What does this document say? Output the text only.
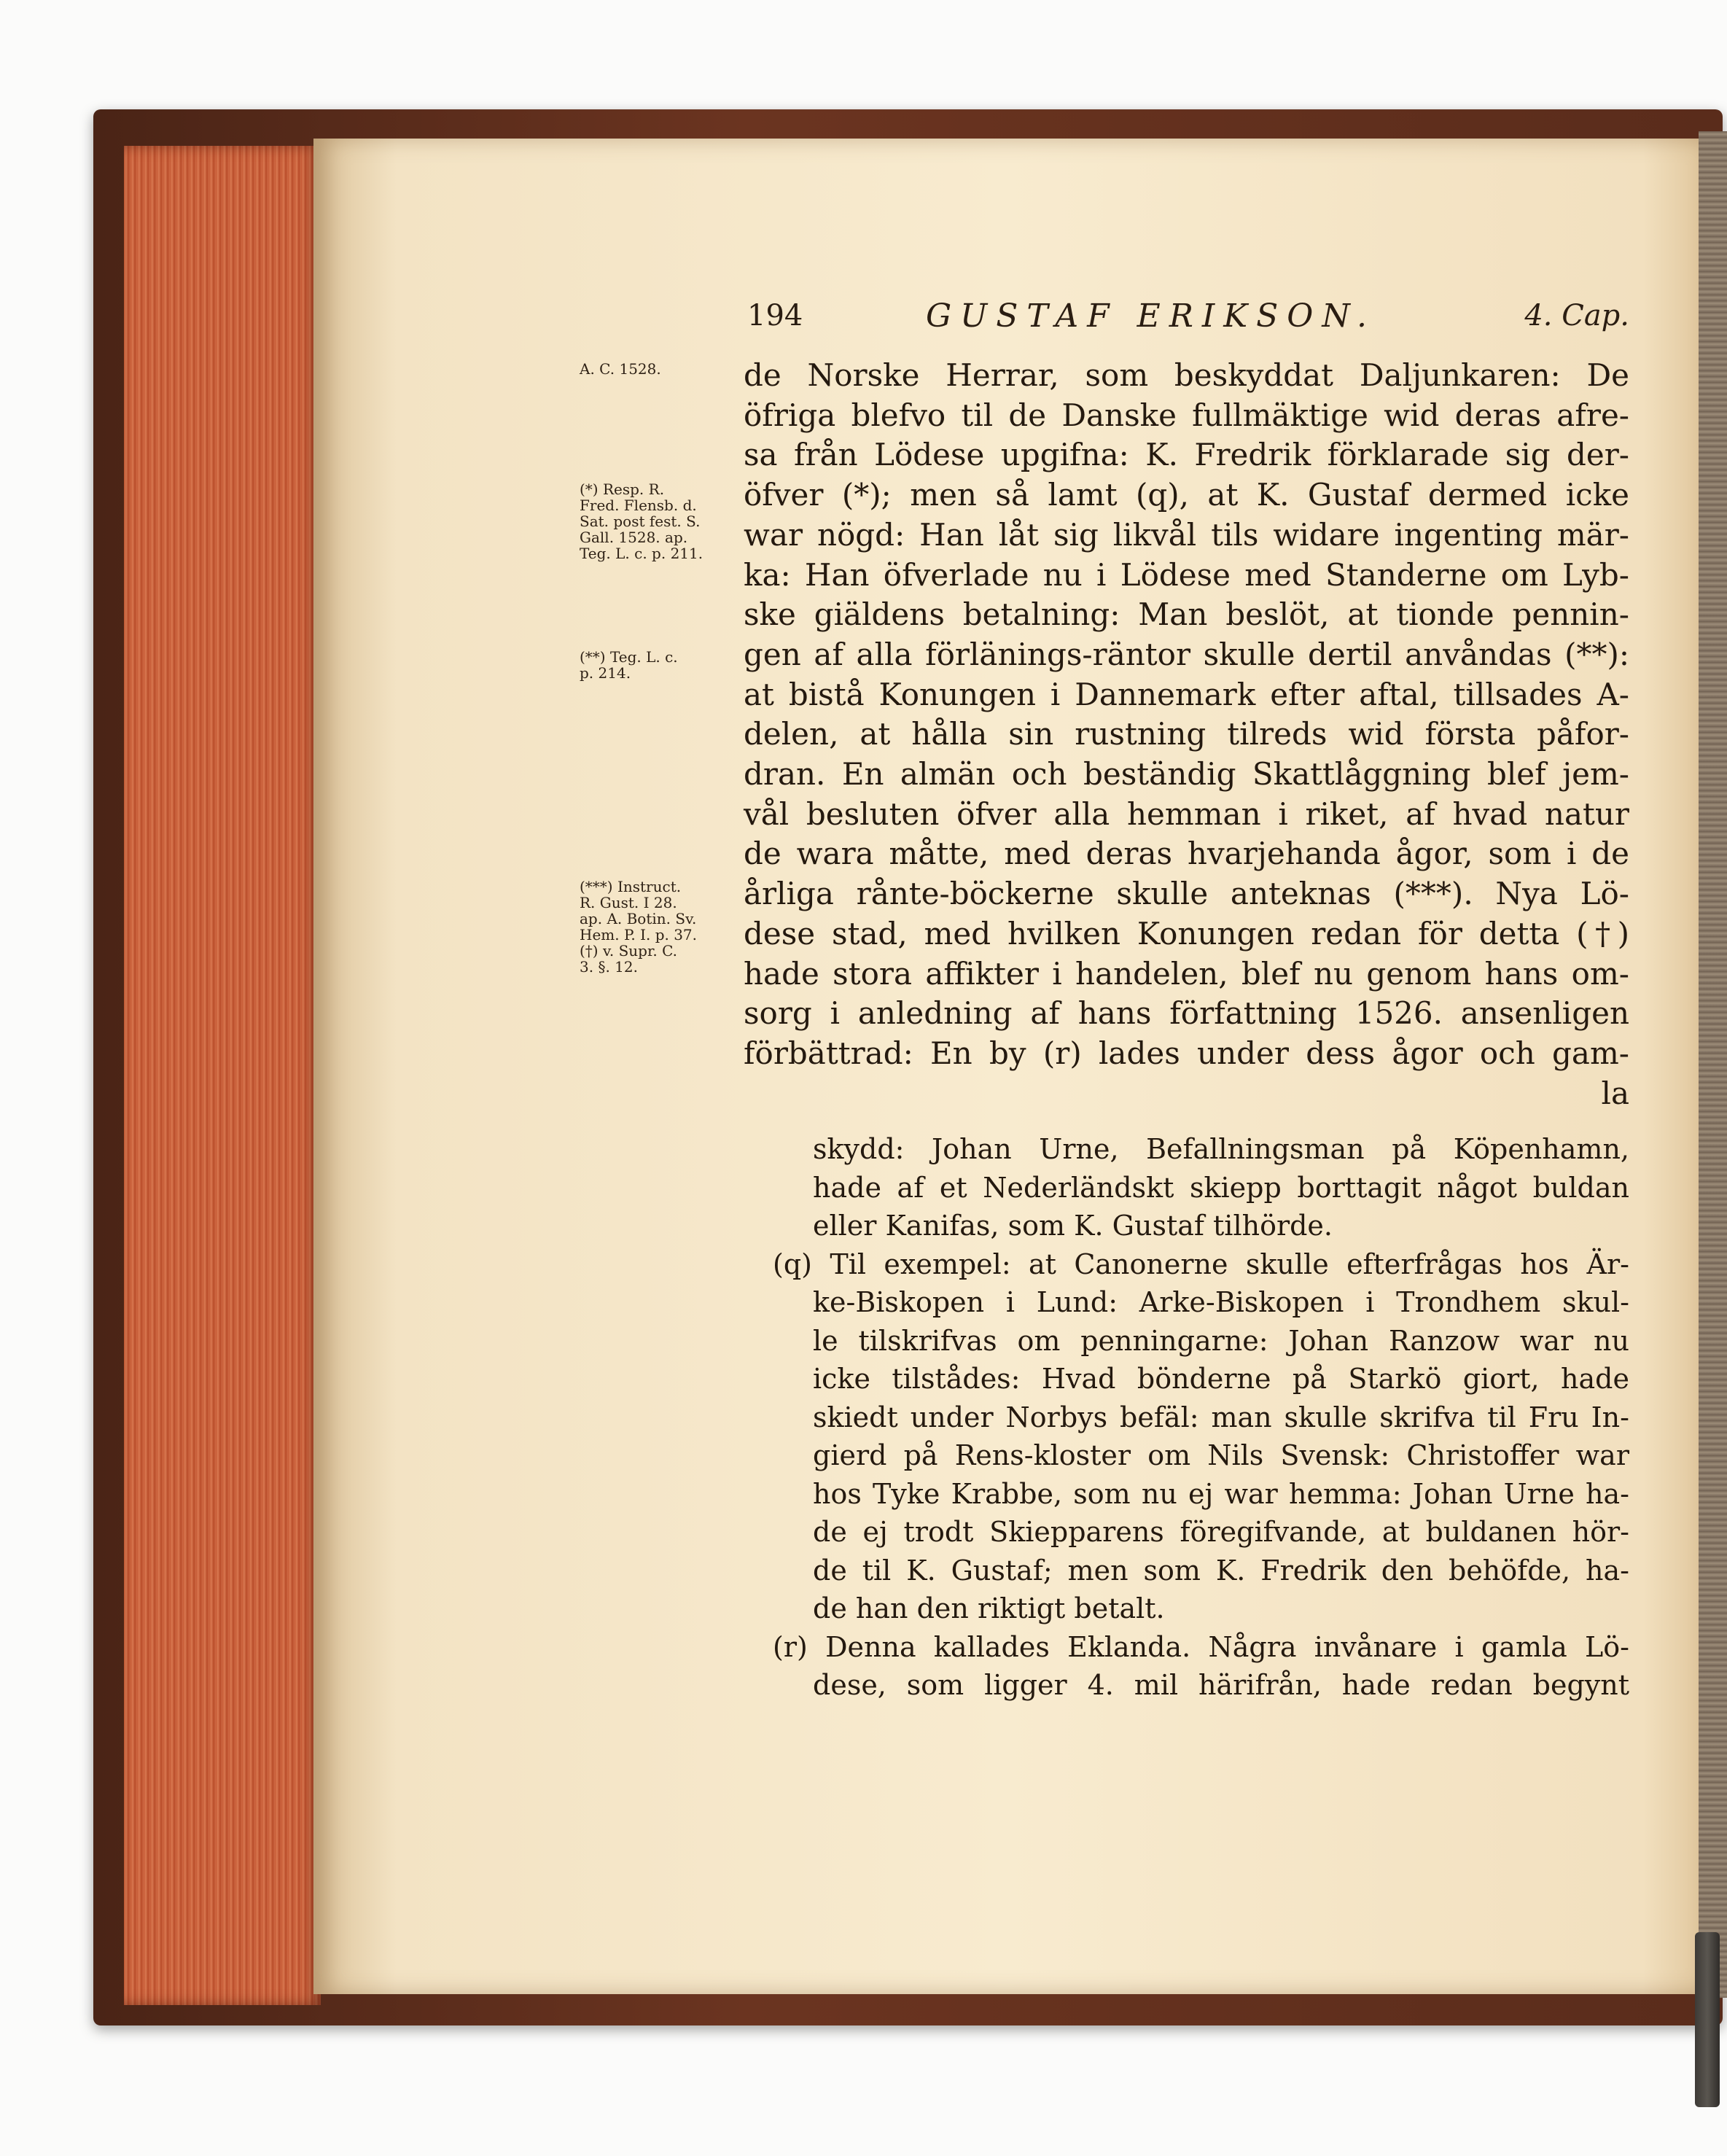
194	GUSTAF ERIKSON.	4. Cap.
A. C. 1528.
(*) Resp. R.
Fred. Flensb. d.
Sat. post fest. S.
Gall. 1528. ap.
Teg. L. c. p. 211.
(**) Teg. L. c.
p. 214.
(***) Instruct.
R. Gust. I 28.
ap. A. Botin. Sv.
Hem. P. I. p. 37.
(†) v. Supr. C.
3. §. 12.
de Norske Herrar, som beskyddat Daljunkaren: De
öfriga blefvo til de Danske fullmäktige wid deras afre-
sa från Lödese upgifna: K. Fredrik förklarade sig der-
öfver (*); men så lamt (q), at K. Gustaf dermed icke
war nögd: Han låt sig likvål tils widare ingenting mär-
ka: Han öfverlade nu i Lödese med Standerne om Lyb-
ske giäldens betalning: Man beslöt, at tionde pennin-
gen af alla förlänings-räntor skulle dertil anvåndas (**):
at bistå Konungen i Dannemark efter aftal, tillsades A-
delen, at hålla sin rustning tilreds wid första påfor-
dran. En almän och beständig Skattlåggning blef jem-
vål besluten öfver alla hemman i riket, af hvad natur
de wara måtte, med deras hvarjehanda ågor, som i de
årliga rånte-böckerne skulle anteknas (***). Nya Lö-
dese stad, med hvilken Konungen redan för detta (†)
hade stora affikter i handelen, blef nu genom hans om-
sorg i anledning af hans författning 1526. ansenligen
förbättrad: En by (r) lades under dess ågor och gam-
la
skydd: Johan Urne, Befallningsman på Köpenhamn,
hade af et Nederländskt skiepp borttagit något buldan
eller Kanifas, som K. Gustaf tilhörde.
(q) Til exempel: at Canonerne skulle efterfrågas hos Är-
ke-Biskopen i Lund: Arke-Biskopen i Trondhem skul-
le tilskrifvas om penningarne: Johan Ranzow war nu
icke tilstådes: Hvad bönderne på Starkö giort, hade
skiedt under Norbys befäl: man skulle skrifva til Fru In-
gierd på Rens-kloster om Nils Svensk: Christoffer war
hos Tyke Krabbe, som nu ej war hemma: Johan Urne ha-
de ej trodt Skiepparens föregifvande, at buldanen hör-
de til K. Gustaf; men som K. Fredrik den behöfde, ha-
de han den riktigt betalt.
(r) Denna kallades Eklanda. Några invånare i gamla Lö-
dese, som ligger 4. mil härifrån, hade redan begynt
